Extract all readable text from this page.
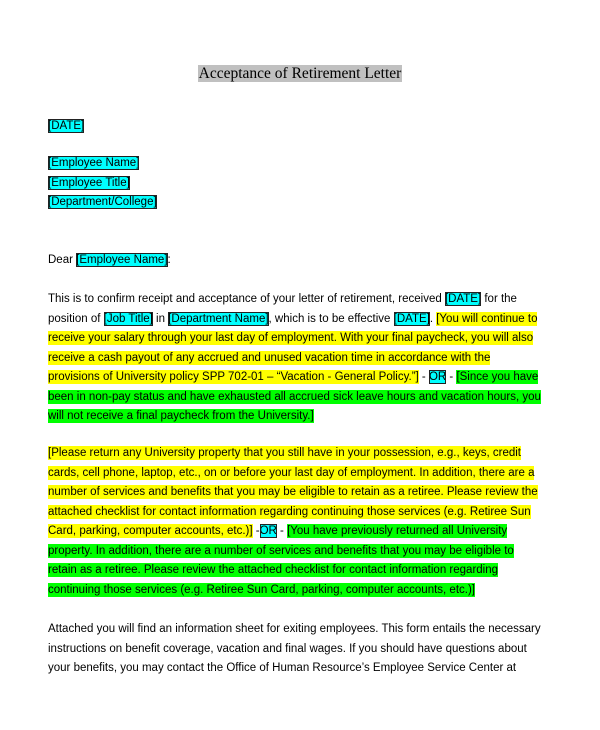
Acceptance of Retirement Letter
[DATE]
[Employee Name]
[Employee Title]
[Department/College]
Dear [Employee Name]:
This is to confirm receipt and acceptance of your letter of retirement, received [DATE] for the position of [Job Title] in [Department Name], which is to be effective [DATE]. [You will continue to receive your salary through your last day of employment. With your final paycheck, you will also receive a cash payout of any accrued and unused vacation time in accordance with the provisions of University policy SPP 702-01 – “Vacation - General Policy.”] - OR - [Since you have been in non-pay status and have exhausted all accrued sick leave hours and vacation hours, you will not receive a final paycheck from the University.]
[Please return any University property that you still have in your possession, e.g., keys, credit cards, cell phone, laptop, etc., on or before your last day of employment. In addition, there are a number of services and benefits that you may be eligible to retain as a retiree. Please review the attached checklist for contact information regarding continuing those services (e.g. Retiree Sun Card, parking, computer accounts, etc.)] -OR - [You have previously returned all University property. In addition, there are a number of services and benefits that you may be eligible to retain as a retiree. Please review the attached checklist for contact information regarding continuing those services (e.g. Retiree Sun Card, parking, computer accounts, etc.)]
Attached you will find an information sheet for exiting employees. This form entails the necessary instructions on benefit coverage, vacation and final wages. If you should have questions about your benefits, you may contact the Office of Human Resource’s Employee Service Center at
